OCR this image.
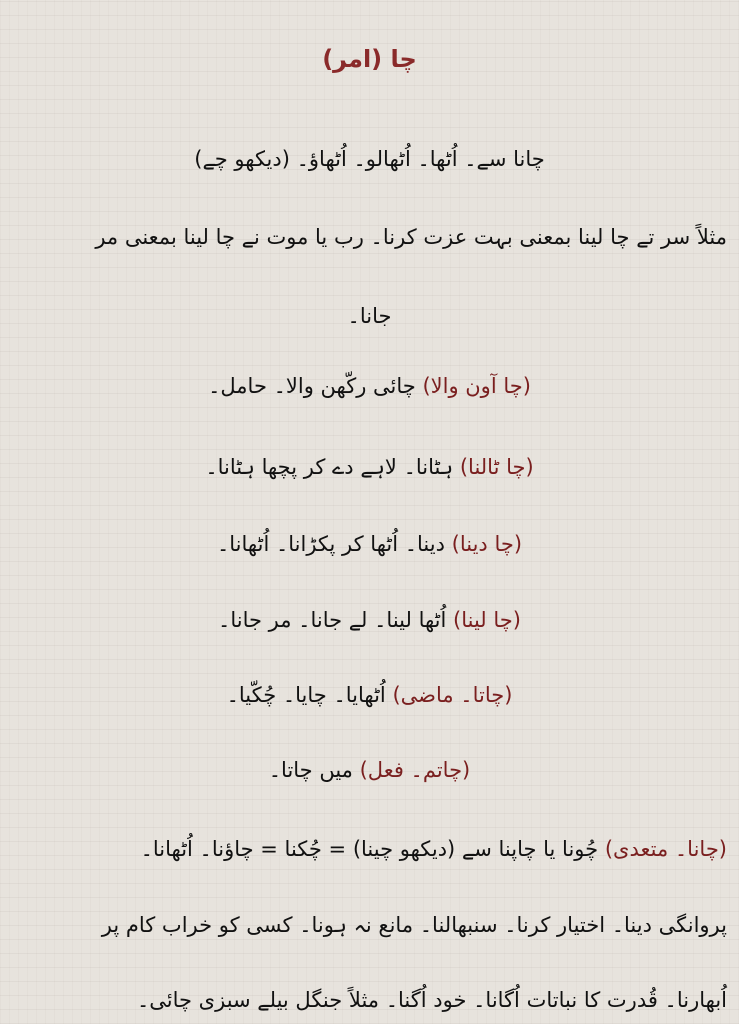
چا (امر)
چانا سے۔ اُٹھا۔ اُٹھالو۔ اُٹھاؤ۔ (دیکھو چے)
مثلاً سر تے چا لینا بمعنی بہت عزت کرنا۔ رب یا موت نے چا لینا بمعنی مر
جانا۔
(چا آون والا) چائی رکّھن والا۔ حامل۔
(چا ٹالنا) ہٹانا۔ لاہے دے کر پچھا ہٹانا۔
(چا دینا) دینا۔ اُٹھا کر پکڑانا۔ اُٹھانا۔
(چا لینا) اُٹھا لینا۔ لے جانا۔ مر جانا۔
(چاتا۔ ماضی) اُٹھایا۔ چایا۔ چُکّیا۔
(چاتم۔ فعل) میں چاتا۔
(چانا۔ متعدی) چُونا یا چاپنا سے (دیکھو چینا) = چُکنا = چاؤنا۔ اُٹھانا۔
پروانگی دینا۔ اختیار کرنا۔ سنبھالنا۔ مانع نہ ہونا۔ کسی کو خراب کام پر
اُبھارنا۔ قُدرت کا نباتات اُگانا۔ خود اُگنا۔ مثلاً جنگل بیلے سبزی چائی۔
